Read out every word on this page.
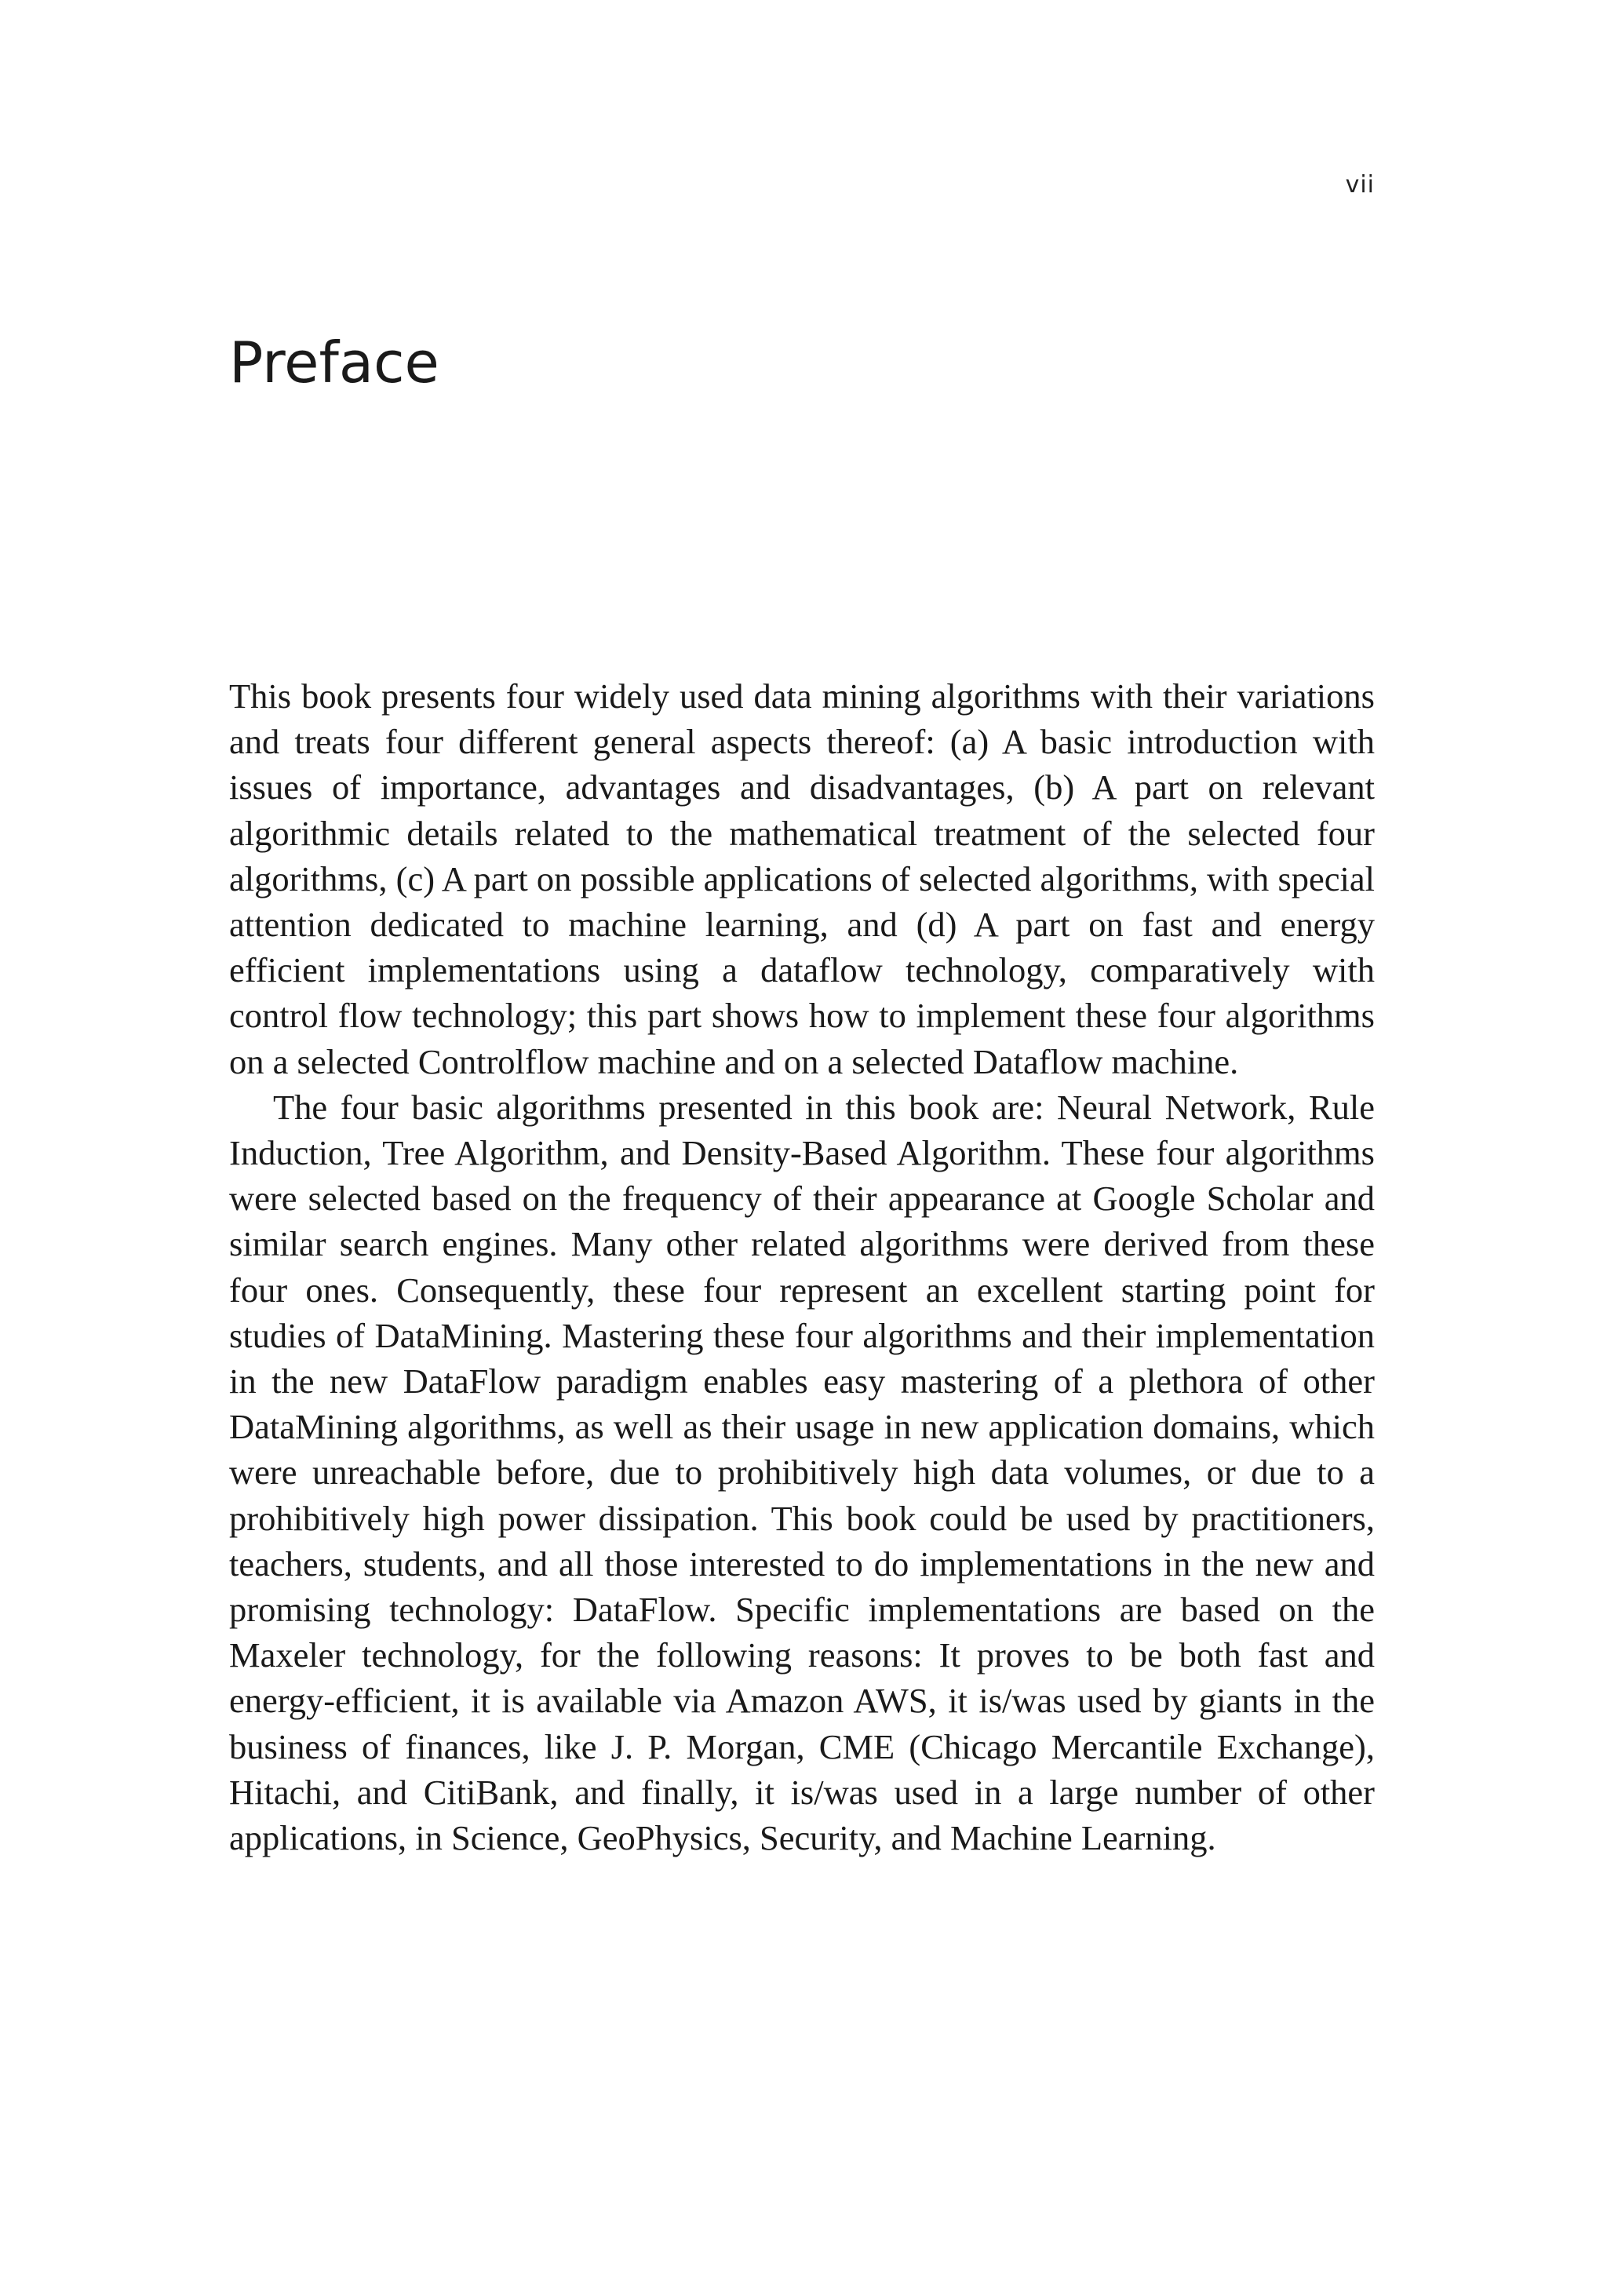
vii
Preface

This book presents four widely used data mining algorithms with their variations and treats four different general aspects thereof: (a) A basic introduction with issues of importance, advantages and disadvantages, (b) A part on relevant algorithmic details related to the mathematical treatment of the selected four algorithms, (c) A part on possible applications of selected algorithms, with special attention dedicated to machine learning, and (d) A part on fast and energy efficient implementations using a dataflow technology, comparatively with control flow technology; this part shows how to implement these four algorithms on a selected Controlflow machine and on a selected Dataflow machine.

The four basic algorithms presented in this book are: Neural Network, Rule Induction, Tree Algorithm, and Density-Based Algorithm. These four algorithms were selected based on the frequency of their appearance at Google Scholar and similar search engines. Many other related algorithms were derived from these four ones. Consequently, these four represent an excellent starting point for studies of DataMining. Mastering these four algorithms and their implementation in the new DataFlow paradigm enables easy mastering of a plethora of other DataMining algorithms, as well as their usage in new application domains, which were unreachable before, due to prohibitively high data volumes, or due to a prohibitively high power dissipation. This book could be used by practitioners, teachers, students, and all those interested to do implementations in the new and promising technology: DataFlow. Specific implementations are based on the Maxeler technology, for the following reasons: It proves to be both fast and energy-efficient, it is available via Amazon AWS, it is/was used by giants in the business of finances, like J. P. Morgan, CME (Chicago Mercantile Exchange), Hitachi, and CitiBank, and finally, it is/was used in a large number of other applications, in Science, GeoPhysics, Security, and Machine Learning.
